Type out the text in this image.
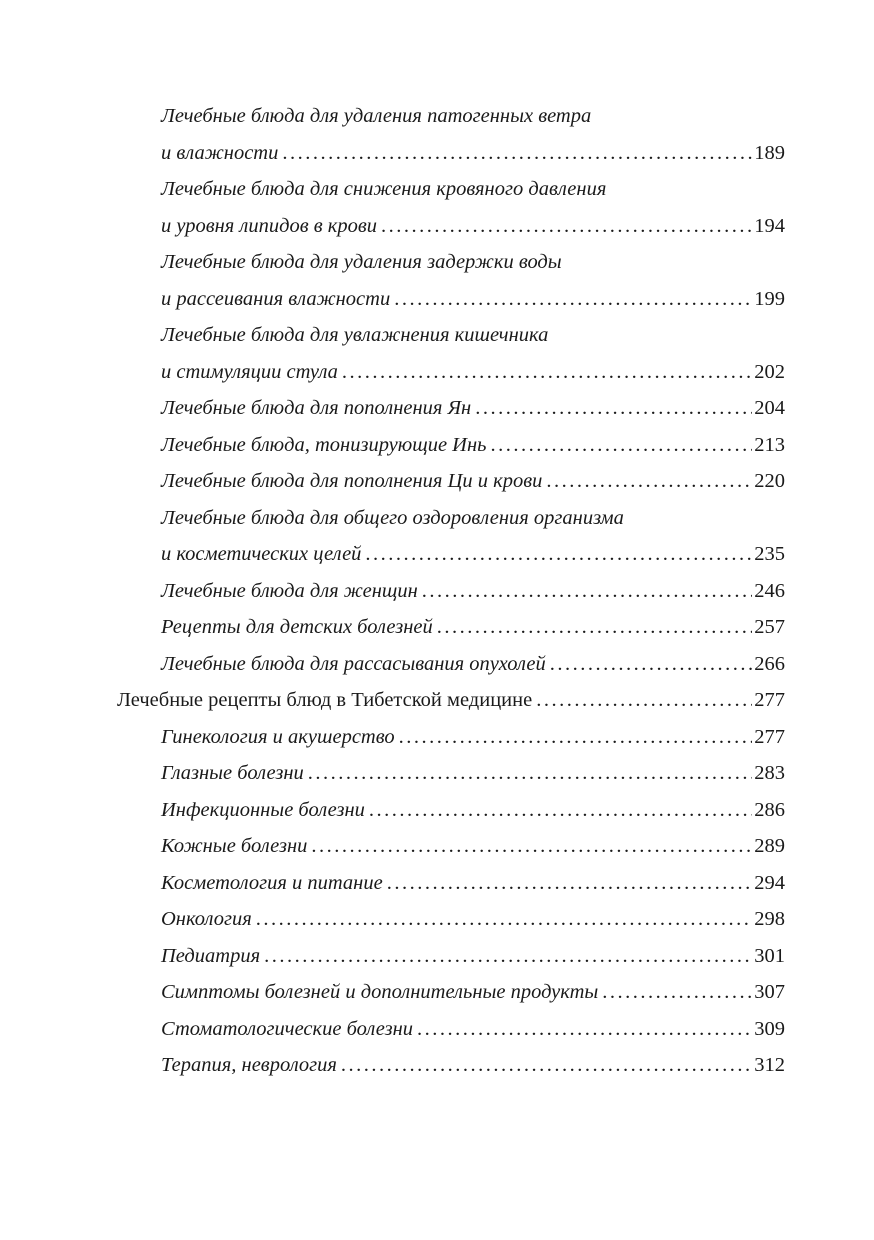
Лечебные блюда для удаления патогенных ветра
и влажности .....	189
Лечебные блюда для снижения кровяного давления
и уровня липидов в крови .....	194
Лечебные блюда для удаления задержки воды
и рассеивания влажности .....	199
Лечебные блюда для увлажнения кишечника
и стимуляции стула .....	202
Лечебные блюда для пополнения Ян .....	204
Лечебные блюда, тонизирующие Инь .....	213
Лечебные блюда для пополнения Ци и крови .....	220
Лечебные блюда для общего оздоровления организма
и косметических целей .....	235
Лечебные блюда для женщин .....	246
Рецепты для детских болезней .....	257
Лечебные блюда для рассасывания опухолей .....	266
Лечебные рецепты блюд в Тибетской медицине .....	277
Гинекология и акушерство .....	277
Глазные болезни .....	283
Инфекционные болезни .....	286
Кожные болезни .....	289
Косметология и питание .....	294
Онкология .....	298
Педиатрия .....	301
Симптомы болезней и дополнительные продукты .....	307
Стоматологические болезни .....	309
Терапия, неврология .....	312
